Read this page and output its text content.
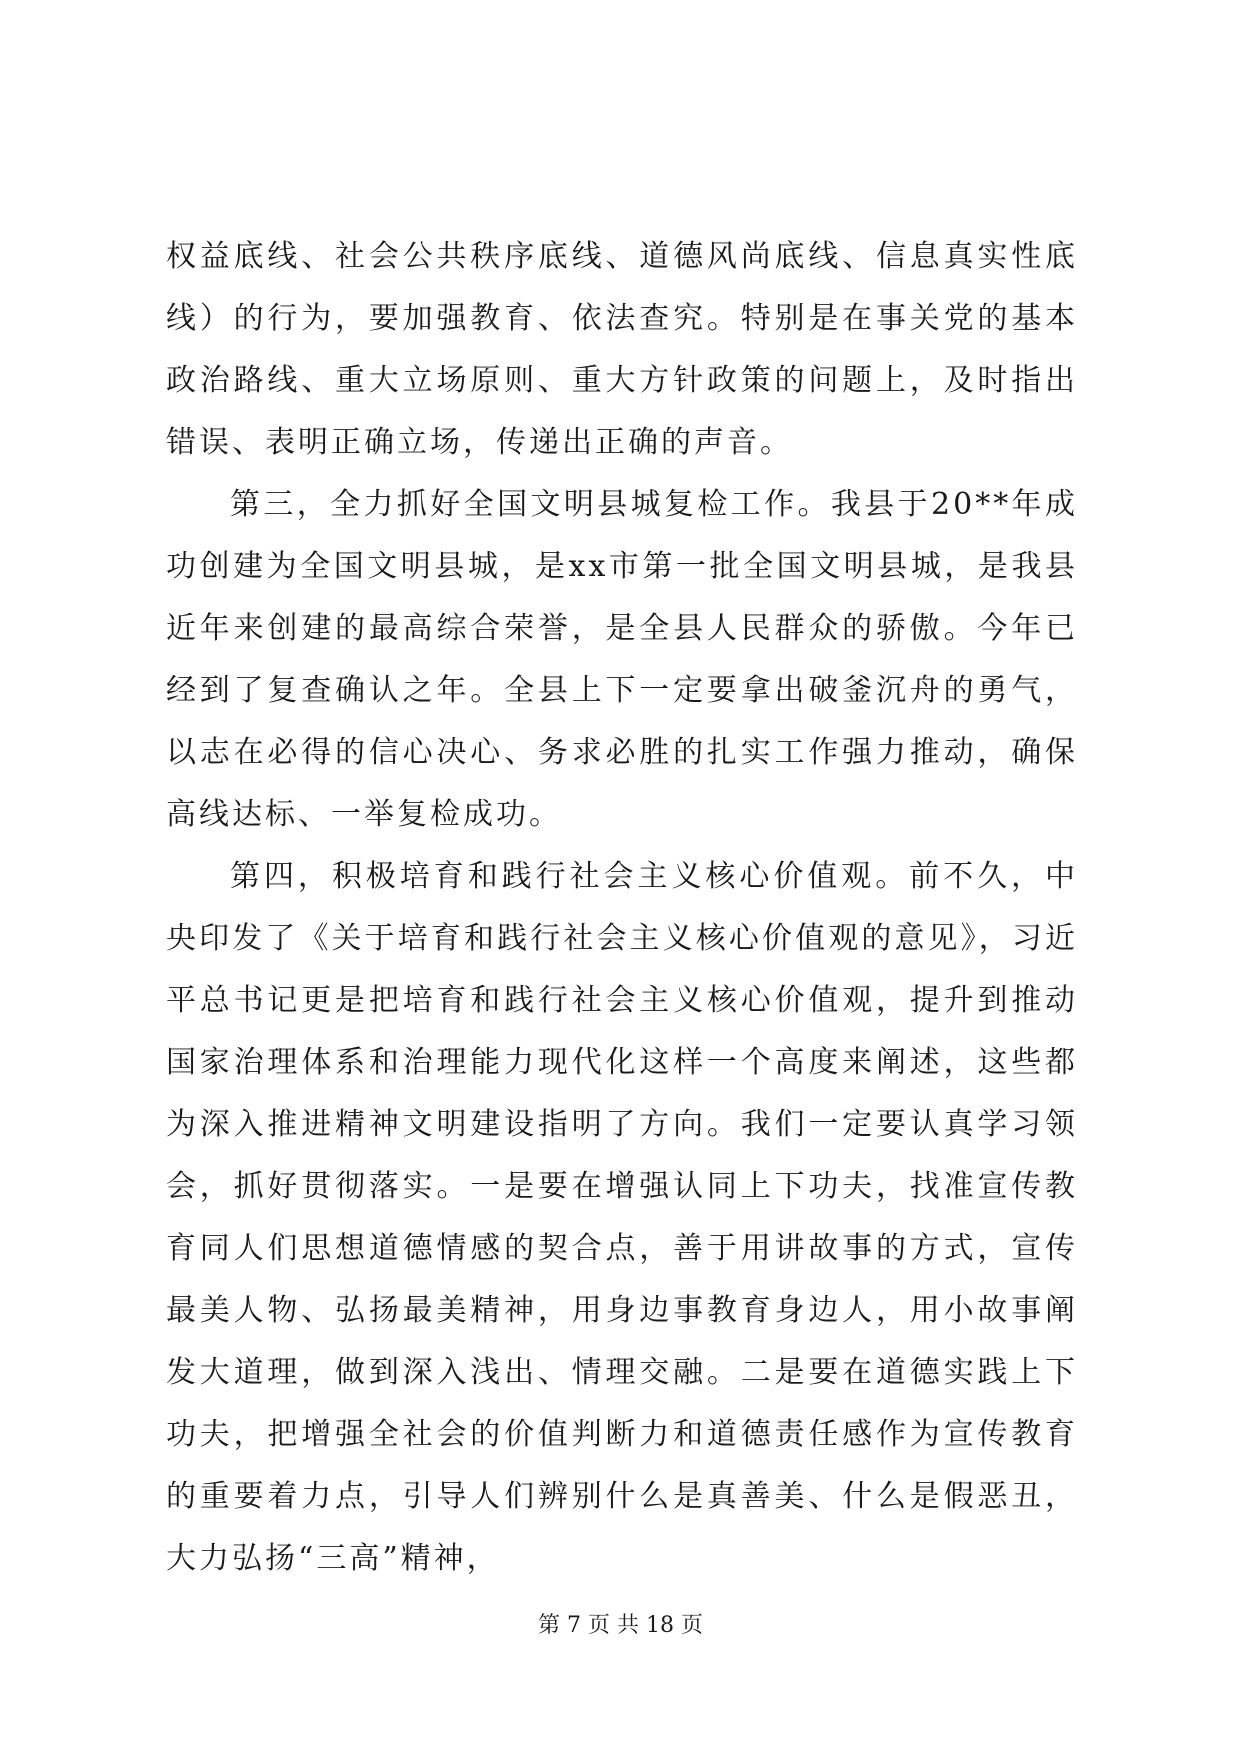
权益底线、社会公共秩序底线、道德风尚底线、信息真实性底线）的行为，要加强教育、依法查究。特别是在事关党的基本政治路线、重大立场原则、重大方针政策的问题上，及时指出错误、表明正确立场，传递出正确的声音。

第三，全力抓好全国文明县城复检工作。我县于20**年成功创建为全国文明县城，是xx市第一批全国文明县城，是我县近年来创建的最高综合荣誉，是全县人民群众的骄傲。今年已经到了复查确认之年。全县上下一定要拿出破釜沉舟的勇气，以志在必得的信心决心、务求必胜的扎实工作强力推动，确保高线达标、一举复检成功。

第四，积极培育和践行社会主义核心价值观。前不久，中央印发了《关于培育和践行社会主义核心价值观的意见》，习近平总书记更是把培育和践行社会主义核心价值观，提升到推动国家治理体系和治理能力现代化这样一个高度来阐述，这些都为深入推进精神文明建设指明了方向。我们一定要认真学习领会，抓好贯彻落实。一是要在增强认同上下功夫，找准宣传教育同人们思想道德情感的契合点，善于用讲故事的方式，宣传最美人物、弘扬最美精神，用身边事教育身边人，用小故事阐发大道理，做到深入浅出、情理交融。二是要在道德实践上下功夫，把增强全社会的价值判断力和道德责任感作为宣传教育的重要着力点，引导人们辨别什么是真善美、什么是假恶丑，大力弘扬“三高”精神，

第 7 页 共 18 页
